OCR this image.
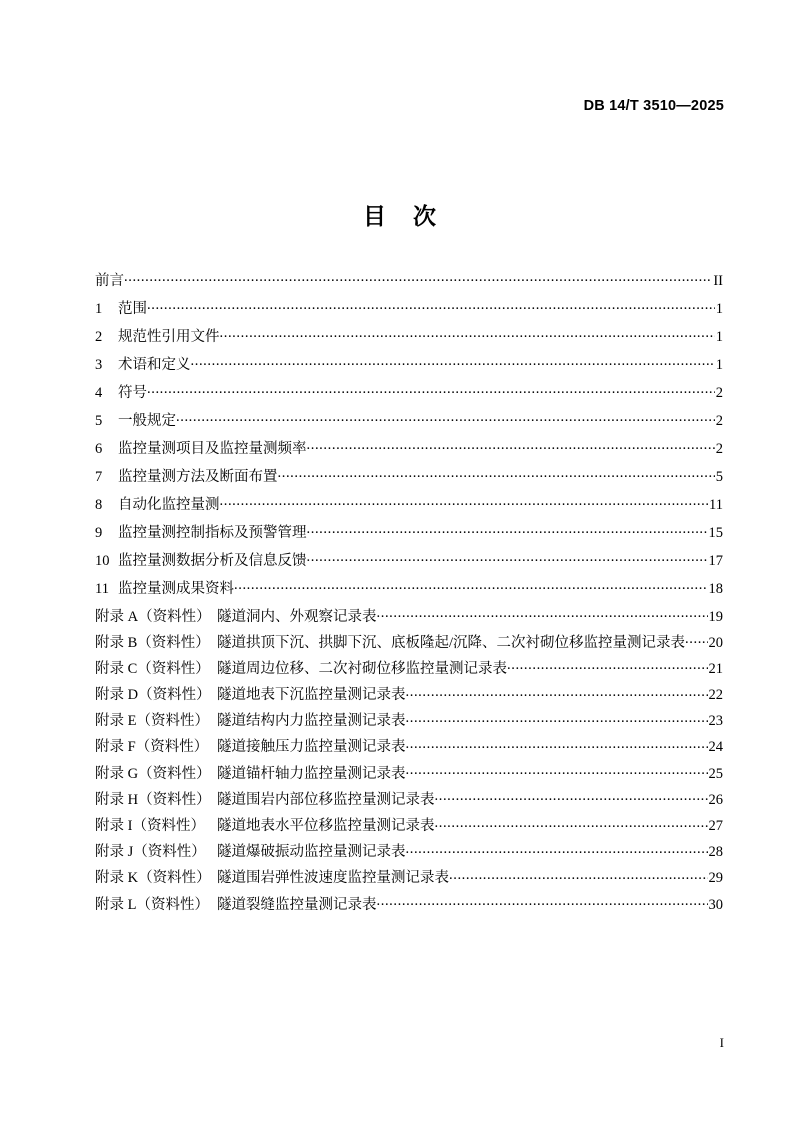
DB 14/T 3510—2025
目 次
前言 .....	II
1	范围 .....	1
2	规范性引用文件 .....	1
3	术语和定义 .....	1
4	符号 .....	2
5	一般规定 .....	2
6	监控量测项目及监控量测频率 .....	2
7	监控量测方法及断面布置 .....	5
8	自动化监控量测 .....	11
9	监控量测控制指标及预警管理 .....	15
10 监控量测数据分析及信息反馈 .....	17
11 监控量测成果资料 .....	18
附录 A（资料性） 隧道洞内、外观察记录表 .....	19
附录 B（资料性） 隧道拱顶下沉、拱脚下沉、底板隆起/沉降、二次衬砌位移监控量测记录表 ..... 20
附录 C（资料性） 隧道周边位移、二次衬砌位移监控量测记录表 .....	21
附录 D（资料性） 隧道地表下沉监控量测记录表 .....	22
附录 E（资料性） 隧道结构内力监控量测记录表 .....	23
附录 F（资料性） 隧道接触压力监控量测记录表 .....	24
附录 G（资料性） 隧道锚杆轴力监控量测记录表 .....	25
附录 H（资料性） 隧道围岩内部位移监控量测记录表 .....	26
附录 I（资料性） 隧道地表水平位移监控量测记录表 .....	27
附录 J（资料性） 隧道爆破振动监控量测记录表 .....	28
附录 K（资料性） 隧道围岩弹性波速度监控量测记录表 .....	29
附录 L（资料性） 隧道裂缝监控量测记录表 .....	30
I
